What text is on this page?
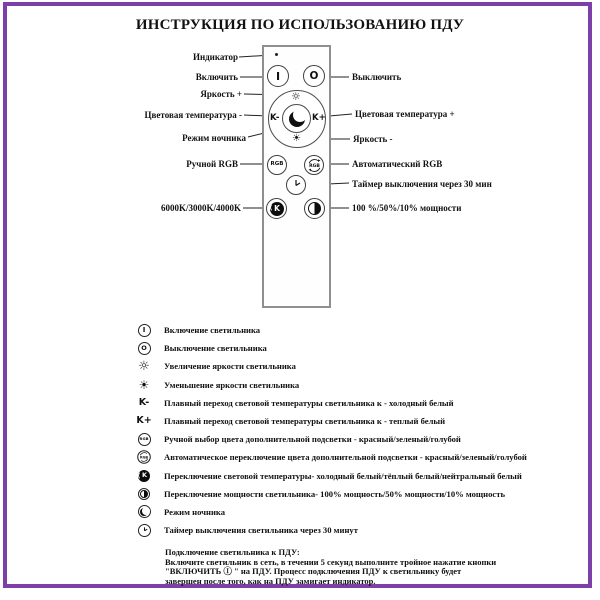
ИНСТРУКЦИЯ ПО ИСПОЛЬЗОВАНИЮ ПДУ
I	O
☼
K-	K+
☀
RGB	RGB
K
Индикатор
Включить
Яркость +
Цветовая температура -
Режим ночника
Ручной RGB
6000K/3000K/4000K
Выключить
Цветовая температура +
Яркость -
Автоматический RGB
Таймер выключения через 30 мин
100 %/50%/10% мощности
I Включение светильника
O Выключение светильника
☼ Увеличение яркости светильника
☀ Уменьшение яркости светильника
K- Плавный переход световой температуры светильника к - холодный белый
K+ Плавный переход световой температуры светильника к - теплый белый
RGB Ручной выбор цвета дополнительной подсветки - красный/зеленый/голубой
RGB Автоматическое переключение цвета дополнительной подсветки - красный/зеленый/голубой
K Переключение световой температуры- холодный белый/тёплый белый/нейтральный белый
Переключение мощности светильника- 100% мощность/50% мощности/10% мощность
Режим ночника
Таймер выключения светильника через 30 минут
Подключение светильника к ПДУ:
Включите светильник в сеть, в течении 5 секунд выполните тройное нажатие кнопки
"ВКЛЮЧИТЬ Ⓘ " на ПДУ. Процесс подключения ПДУ к светильнику будет
завершен после того, как на ПДУ замигает индикатор.
